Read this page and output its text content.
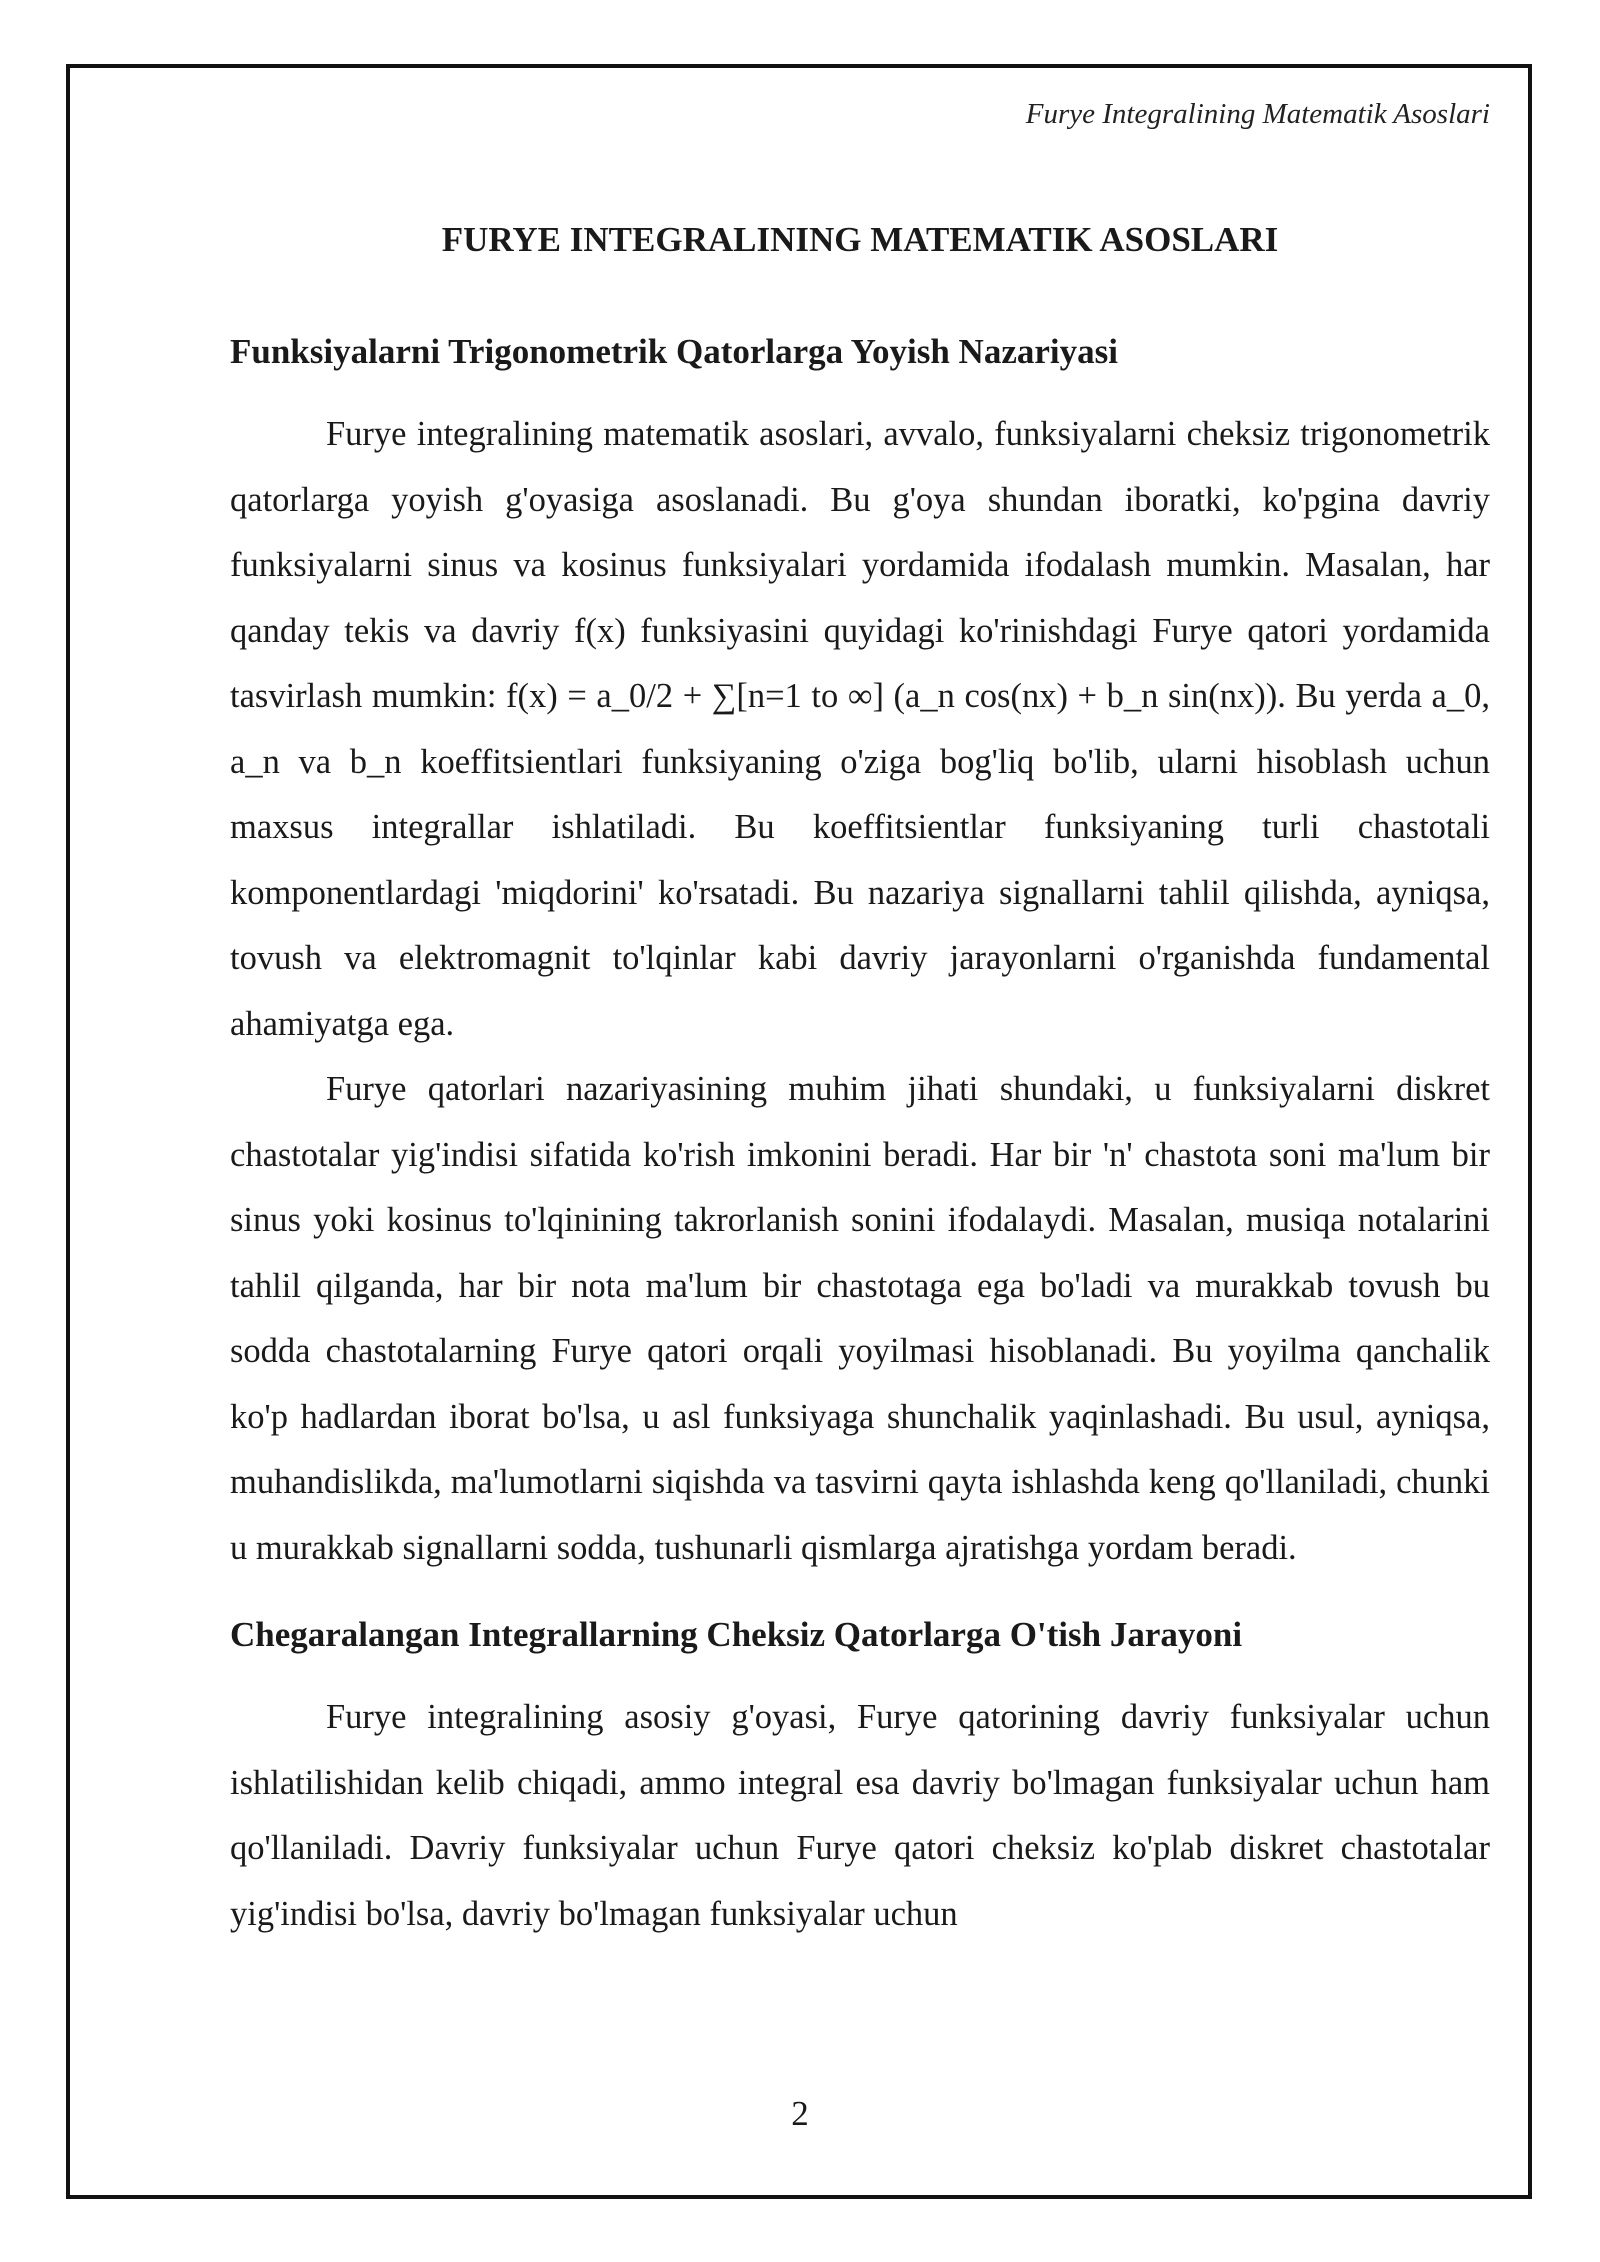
Furye Integralining Matematik Asoslari
FURYE INTEGRALINING MATEMATIK ASOSLARI
Funksiyalarni Trigonometrik Qatorlarga Yoyish Nazariyasi

Furye integralining matematik asoslari, avvalo, funksiyalarni cheksiz trigonometrik qatorlarga yoyish g'oyasiga asoslanadi. Bu g'oya shundan iboratki, ko'pgina davriy funksiyalarni sinus va kosinus funksiyalari yordamida ifodalash mumkin. Masalan, har qanday tekis va davriy f(x) funksiyasini quyidagi ko'rinishdagi Furye qatori yordamida tasvirlash mumkin: f(x) = a_0/2 + ∑[n=1 to ∞] (a_n cos(nx) + b_n sin(nx)). Bu yerda a_0, a_n va b_n koeffitsientlari funksiyaning o'ziga bog'liq bo'lib, ularni hisoblash uchun maxsus integrallar ishlatiladi. Bu koeffitsientlar funksiyaning turli chastotali komponentlardagi 'miqdorini' ko'rsatadi. Bu nazariya signallarni tahlil qilishda, ayniqsa, tovush va elektromagnit to'lqinlar kabi davriy jarayonlarni o'rganishda fundamental ahamiyatga ega.

Furye qatorlari nazariyasining muhim jihati shundaki, u funksiyalarni diskret chastotalar yig'indisi sifatida ko'rish imkonini beradi. Har bir 'n' chastota soni ma'lum bir sinus yoki kosinus to'lqinining takrorlanish sonini ifodalaydi. Masalan, musiqa notalarini tahlil qilganda, har bir nota ma'lum bir chastotaga ega bo'ladi va murakkab tovush bu sodda chastotalarning Furye qatori orqali yoyilmasi hisoblanadi. Bu yoyilma qanchalik ko'p hadlardan iborat bo'lsa, u asl funksiyaga shunchalik yaqinlashadi. Bu usul, ayniqsa, muhandislikda, ma'lumotlarni siqishda va tasvirni qayta ishlashda keng qo'llaniladi, chunki u murakkab signallarni sodda, tushunarli qismlarga ajratishga yordam beradi.

Chegaralangan Integrallarning Cheksiz Qatorlarga O'tish Jarayoni

Furye integralining asosiy g'oyasi, Furye qatorining davriy funksiyalar uchun ishlatilishidan kelib chiqadi, ammo integral esa davriy bo'lmagan funksiyalar uchun ham qo'llaniladi. Davriy funksiyalar uchun Furye qatori cheksiz ko'plab diskret chastotalar yig'indisi bo'lsa, davriy bo'lmagan funksiyalar uchun

2
